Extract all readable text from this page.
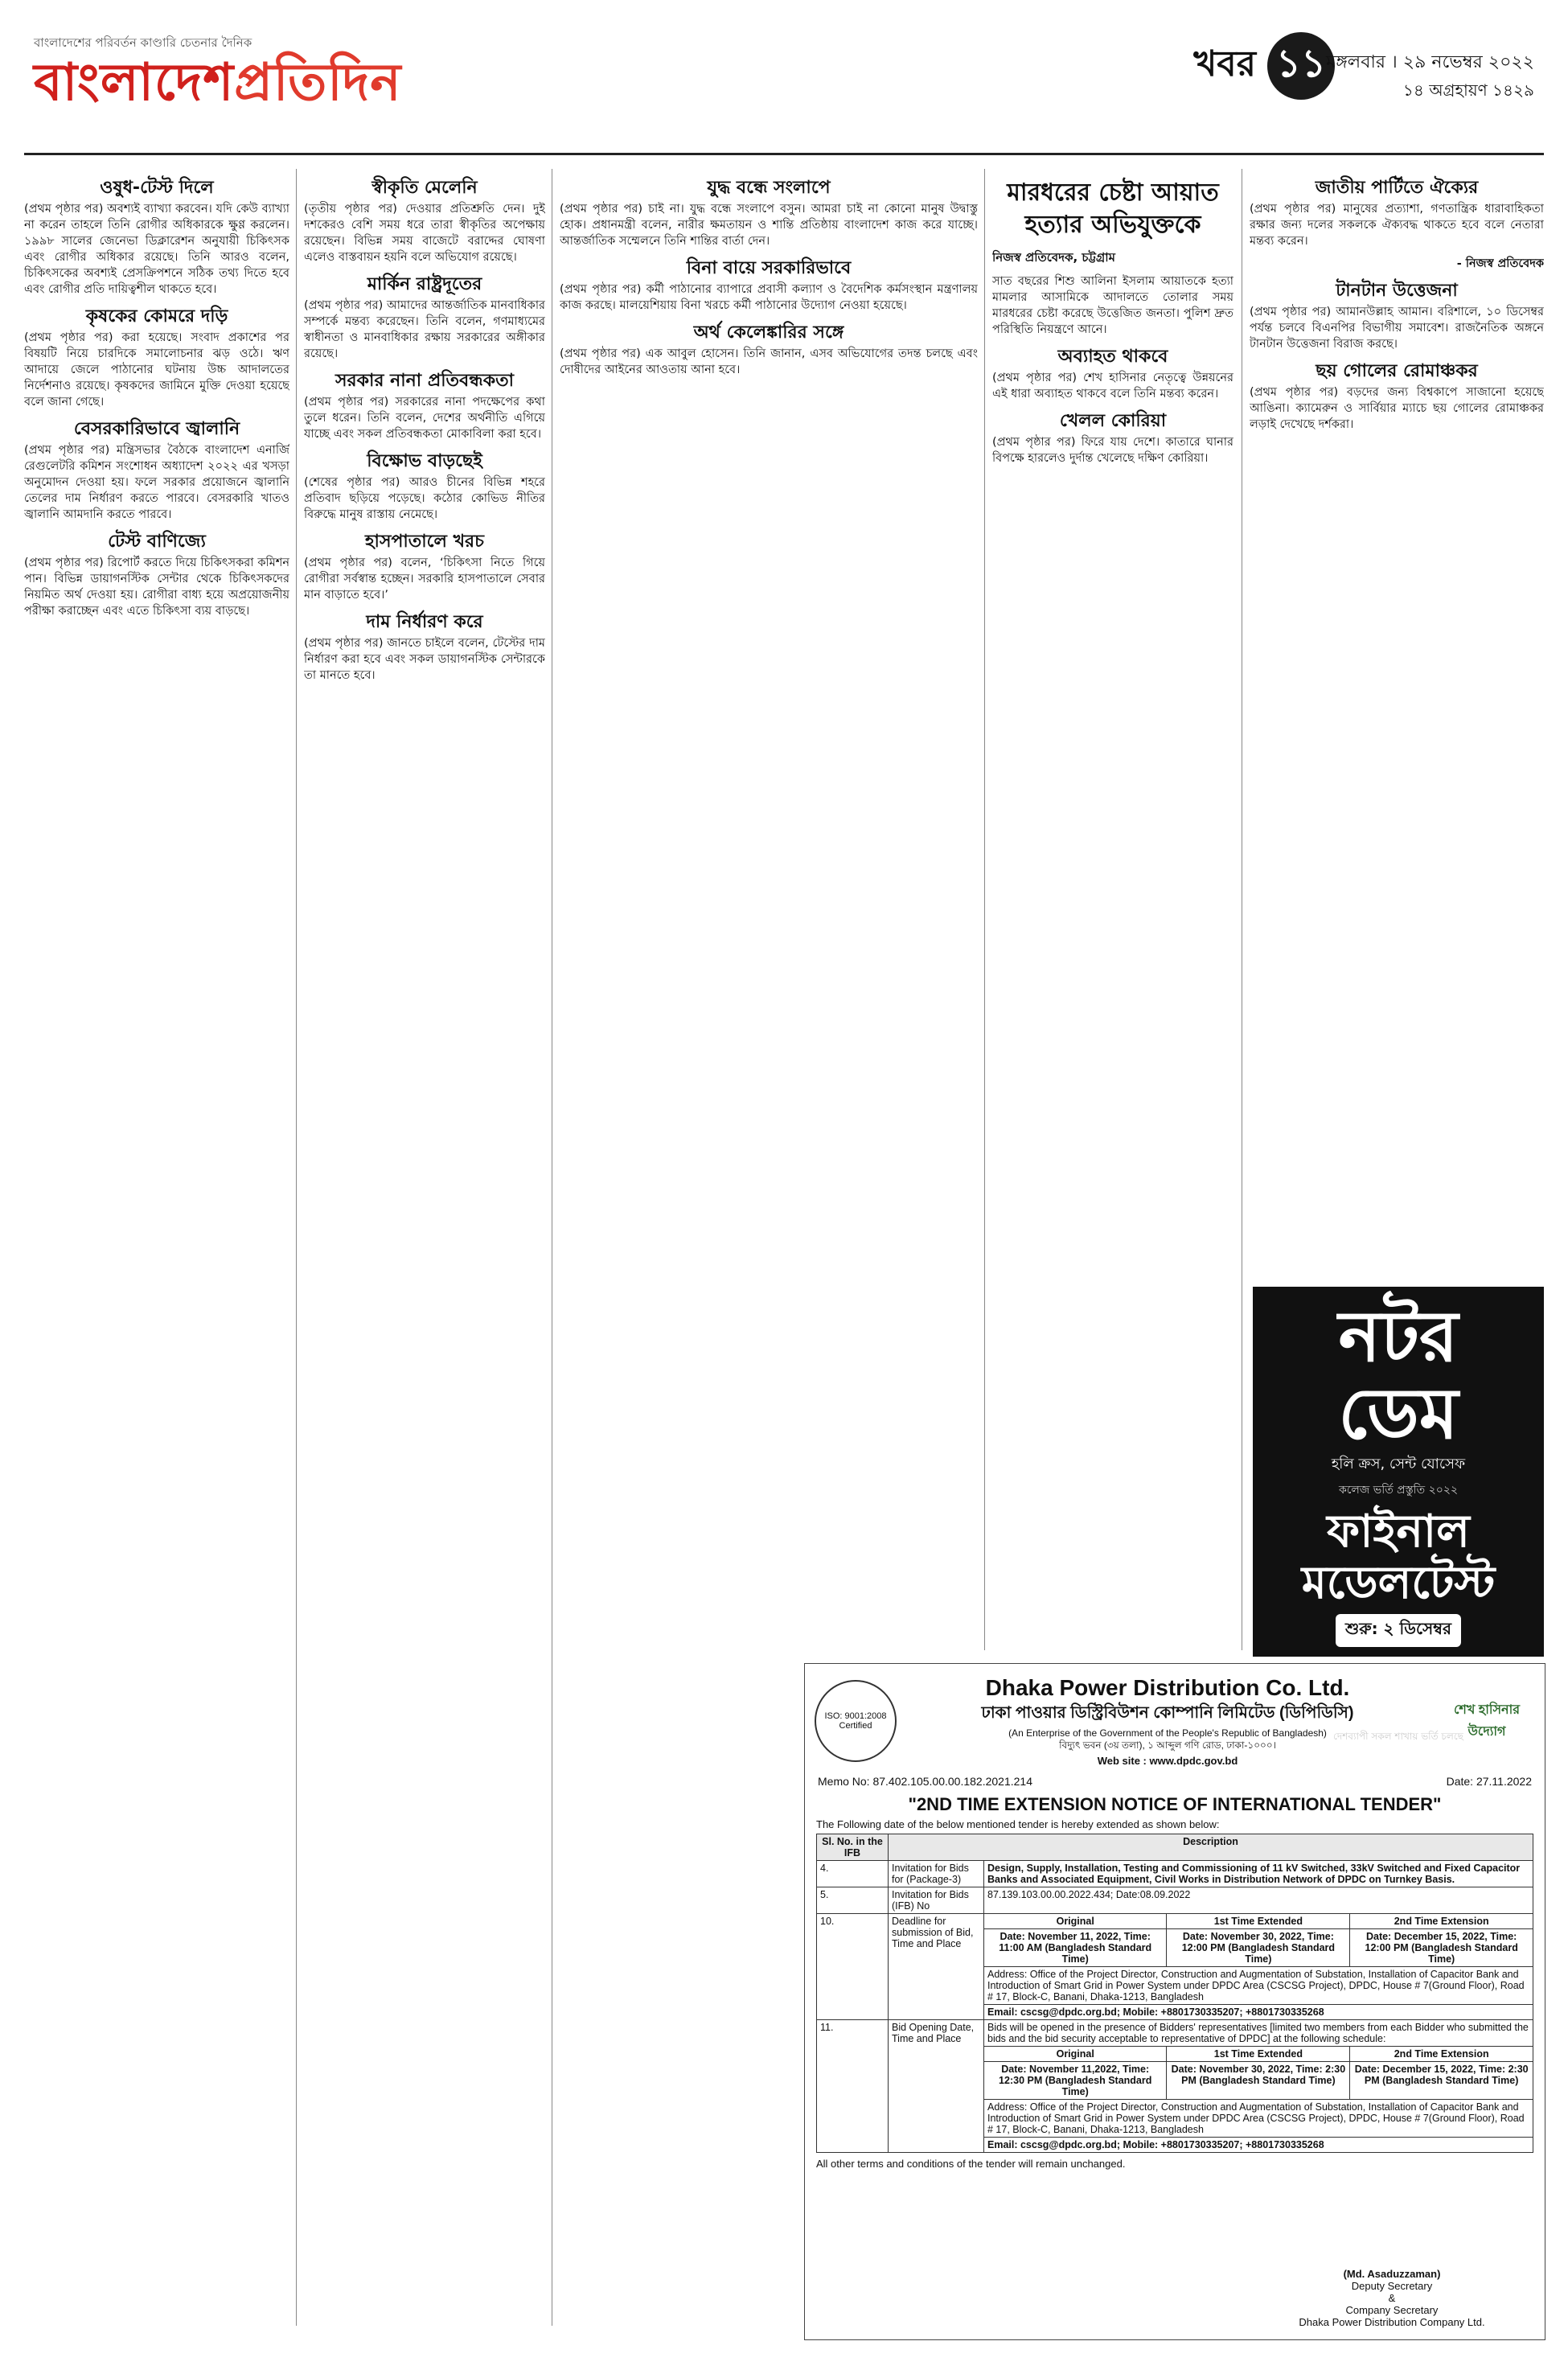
বাংলাদেশের পরিবর্তন কাণ্ডারি চেতনার দৈনিক
বাংলাদেশপ্রতিদিন	খবর ১১ মঙ্গলবার । ২৯ নভেম্বর ২০২২
১৪ অগ্রহায়ণ ১৪২৯
ওষুধ-টেস্ট দিলে

(প্রথম পৃষ্ঠার পর) অবশ্যই ব্যাখ্যা করবেন। যদি কেউ ব্যাখ্যা না করেন তাহলে তিনি রোগীর অধিকারকে ক্ষুণ্ণ করলেন। ১৯৯৮ সালের জেনেভা ডিক্লারেশন অনুযায়ী চিকিৎসক এবং রোগীর অধিকার রয়েছে। তিনি আরও বলেন, চিকিৎসকের অবশ্যই প্রেসক্রিপশনে সঠিক তথ্য দিতে হবে এবং রোগীর প্রতি দায়িত্বশীল থাকতে হবে।

কৃষকের কোমরে দড়ি

(প্রথম পৃষ্ঠার পর) করা হয়েছে। সংবাদ প্রকাশের পর বিষয়টি নিয়ে চারদিকে সমালোচনার ঝড় ওঠে। ঋণ আদায়ে জেলে পাঠানোর ঘটনায় উচ্চ আদালতের নির্দেশনাও রয়েছে। কৃষকদের জামিনে মুক্তি দেওয়া হয়েছে বলে জানা গেছে।

বেসরকারিভাবে জ্বালানি

(প্রথম পৃষ্ঠার পর) মন্ত্রিসভার বৈঠকে বাংলাদেশ এনার্জি রেগুলেটরি কমিশন সংশোধন অধ্যাদেশ ২০২২ এর খসড়া অনুমোদন দেওয়া হয়। ফলে সরকার প্রয়োজনে জ্বালানি তেলের দাম নির্ধারণ করতে পারবে। বেসরকারি খাতও জ্বালানি আমদানি করতে পারবে।

টেস্ট বাণিজ্যে

(প্রথম পৃষ্ঠার পর) রিপোর্ট করতে দিয়ে চিকিৎসকরা কমিশন পান। বিভিন্ন ডায়াগনস্টিক সেন্টার থেকে চিকিৎসকদের নিয়মিত অর্থ দেওয়া হয়। রোগীরা বাধ্য হয়ে অপ্রয়োজনীয় পরীক্ষা করাচ্ছেন এবং এতে চিকিৎসা ব্যয় বাড়ছে।

স্বীকৃতি মেলেনি

(তৃতীয় পৃষ্ঠার পর) দেওয়ার প্রতিশ্রুতি দেন। দুই দশকেরও বেশি সময় ধরে তারা স্বীকৃতির অপেক্ষায় রয়েছেন। বিভিন্ন সময় বাজেটে বরাদ্দের ঘোষণা এলেও বাস্তবায়ন হয়নি বলে অভিযোগ রয়েছে।

মার্কিন রাষ্ট্রদূতের

(প্রথম পৃষ্ঠার পর) আমাদের আন্তর্জাতিক মানবাধিকার সম্পর্কে মন্তব্য করেছেন। তিনি বলেন, গণমাধ্যমের স্বাধীনতা ও মানবাধিকার রক্ষায় সরকারের অঙ্গীকার রয়েছে।

সরকার নানা প্রতিবন্ধকতা

(প্রথম পৃষ্ঠার পর) সরকারের নানা পদক্ষেপের কথা তুলে ধরেন। তিনি বলেন, দেশের অর্থনীতি এগিয়ে যাচ্ছে এবং সকল প্রতিবন্ধকতা মোকাবিলা করা হবে।

বিক্ষোভ বাড়ছেই

(শেষের পৃষ্ঠার পর) আরও চীনের বিভিন্ন শহরে প্রতিবাদ ছড়িয়ে পড়েছে। কঠোর কোভিড নীতির বিরুদ্ধে মানুষ রাস্তায় নেমেছে।

হাসপাতালে খরচ

(প্রথম পৃষ্ঠার পর) বলেন, ‘চিকিৎসা নিতে গিয়ে রোগীরা সর্বস্বান্ত হচ্ছেন। সরকারি হাসপাতালে সেবার মান বাড়াতে হবে।’

দাম নির্ধারণ করে

(প্রথম পৃষ্ঠার পর) জানতে চাইলে বলেন, টেস্টের দাম নির্ধারণ করা হবে এবং সকল ডায়াগনস্টিক সেন্টারকে তা মানতে হবে।

যুদ্ধ বন্ধে সংলাপে

(প্রথম পৃষ্ঠার পর) চাই না। যুদ্ধ বন্ধে সংলাপে বসুন। আমরা চাই না কোনো মানুষ উদ্বাস্তু হোক। প্রধানমন্ত্রী বলেন, নারীর ক্ষমতায়ন ও শান্তি প্রতিষ্ঠায় বাংলাদেশ কাজ করে যাচ্ছে। আন্তর্জাতিক সম্মেলনে তিনি শান্তির বার্তা দেন।

বিনা বায়ে সরকারিভাবে

(প্রথম পৃষ্ঠার পর) কর্মী পাঠানোর ব্যাপারে প্রবাসী কল্যাণ ও বৈদেশিক কর্মসংস্থান মন্ত্রণালয় কাজ করছে। মালয়েশিয়ায় বিনা খরচে কর্মী পাঠানোর উদ্যোগ নেওয়া হয়েছে।

অর্থ কেলেঙ্কারির সঙ্গে

(প্রথম পৃষ্ঠার পর) এক আবুল হোসেন। তিনি জানান, এসব অভিযোগের তদন্ত চলছে এবং দোষীদের আইনের আওতায় আনা হবে।

মারধরের চেষ্টা আয়াত হত্যার অভিযুক্তকে
নিজস্ব প্রতিবেদক, চট্টগ্রাম

সাত বছরের শিশু আলিনা ইসলাম আয়াতকে হত্যা মামলার আসামিকে আদালতে তোলার সময় মারধরের চেষ্টা করেছে উত্তেজিত জনতা। পুলিশ দ্রুত পরিস্থিতি নিয়ন্ত্রণে আনে।

অব্যাহত থাকবে

(প্রথম পৃষ্ঠার পর) শেখ হাসিনার নেতৃত্বে উন্নয়নের এই ধারা অব্যাহত থাকবে বলে তিনি মন্তব্য করেন।

খেলল কোরিয়া

(প্রথম পৃষ্ঠার পর) ফিরে যায় দেশে। কাতারে ঘানার বিপক্ষে হারলেও দুর্দান্ত খেলেছে দক্ষিণ কোরিয়া।

জাতীয় পার্টিতে ঐক্যের

(প্রথম পৃষ্ঠার পর) মানুষের প্রত্যাশা, গণতান্ত্রিক ধারাবাহিকতা রক্ষার জন্য দলের সকলকে ঐক্যবদ্ধ থাকতে হবে বলে নেতারা মন্তব্য করেন।

- নিজস্ব প্রতিবেদক

টানটান উত্তেজনা

(প্রথম পৃষ্ঠার পর) আমানউল্লাহ আমান। বরিশালে, ১০ ডিসেম্বর পর্যন্ত চলবে বিএনপির বিভাগীয় সমাবেশ। রাজনৈতিক অঙ্গনে টানটান উত্তেজনা বিরাজ করছে।

ছয় গোলের রোমাঞ্চকর

(প্রথম পৃষ্ঠার পর) বড়দের জন্য বিশ্বকাপে সাজানো হয়েছে আঙিনা। ক্যামেরুন ও সার্বিয়ার ম্যাচে ছয় গোলের রোমাঞ্চকর লড়াই দেখেছে দর্শকরা।

নটর
ডেম
হলি ক্রস, সেন্ট যোসেফ
কলেজ ভর্তি প্রস্তুতি ২০২২
ফাইনাল মডেলটেস্ট
শুরু: ২ ডিসেম্বর
উদ্ভাস
দেশব্যাপী সকল শাখায় ভর্তি চলছে
০৯৬৬৬৭৭৫৫৬৬
ISO: 9001:2008 Certified
Dhaka Power Distribution Co. Ltd.
ঢাকা পাওয়ার ডিস্ট্রিবিউশন কোম্পানি লিমিটেড (ডিপিডিসি)
(An Enterprise of the Government of the People's Republic of Bangladesh)
বিদ্যুৎ ভবন (৩য় তলা), ১ আব্দুল গণি রোড, ঢাকা-১০০০।
Web site : www.dpdc.gov.bd
শেখ হাসিনার উদ্যোগ
Memo No: 87.402.105.00.00.182.2021.214	Date: 27.11.2022
"2ND TIME EXTENSION NOTICE OF INTERNATIONAL TENDER"
The Following date of the below mentioned tender is hereby extended as shown below:
Sl. No. in the IFB	Description			
4.	Invitation for Bids for (Package-3)	Design, Supply, Installation, Testing and Commissioning of 11 kV Switched, 33kV Switched and Fixed Capacitor Banks and Associated Equipment, Civil Works in Distribution Network of DPDC on Turnkey Basis.		
5.	Invitation for Bids (IFB) No	87.139.103.00.00.2022.434; Date:08.09.2022		
10.	Deadline for submission of Bid, Time and Place	Original	1st Time Extended	2nd Time Extension
		Date: November 11, 2022, Time: 11:00 AM (Bangladesh Standard Time)	Date: November 30, 2022, Time: 12:00 PM (Bangladesh Standard Time)	Date: December 15, 2022, Time: 12:00 PM (Bangladesh Standard Time)
		Address: Office of the Project Director, Construction and Augmentation of Substation, Installation of Capacitor Bank and Introduction of Smart Grid in Power System under DPDC Area (CSCSG Project), DPDC, House # 7(Ground Floor), Road # 17, Block-C, Banani, Dhaka-1213, Bangladesh		
		Email: cscsg@dpdc.org.bd; Mobile: +8801730335207; +8801730335268		
11.	Bid Opening Date, Time and Place	Bids will be opened in the presence of Bidders' representatives [limited two members from each Bidder who submitted the bids and the bid security acceptable to representative of DPDC] at the following schedule:		
		Original	1st Time Extended	2nd Time Extension
		Date: November 11,2022, Time: 12:30 PM (Bangladesh Standard Time)	Date: November 30, 2022, Time: 2:30 PM (Bangladesh Standard Time)	Date: December 15, 2022, Time: 2:30 PM (Bangladesh Standard Time)
		Address: Office of the Project Director, Construction and Augmentation of Substation, Installation of Capacitor Bank and Introduction of Smart Grid in Power System under DPDC Area (CSCSG Project), DPDC, House # 7(Ground Floor), Road # 17, Block-C, Banani, Dhaka-1213, Bangladesh		
		Email: cscsg@dpdc.org.bd; Mobile: +8801730335207; +8801730335268		
All other terms and conditions of the tender will remain unchanged.
(Md. Asaduzzaman)
Deputy Secretary
&
Company Secretary
Dhaka Power Distribution Company Ltd.
